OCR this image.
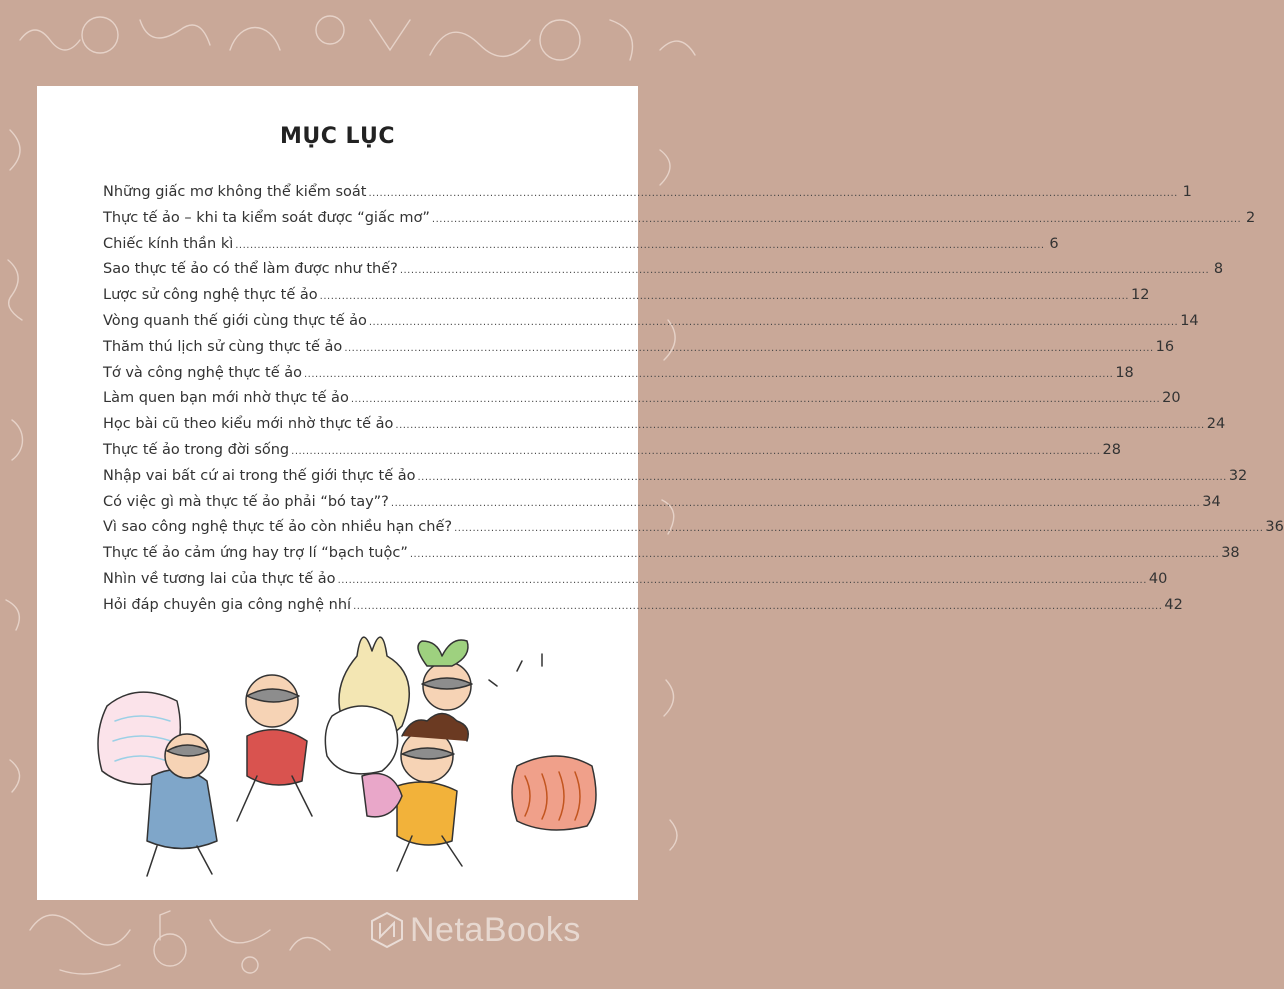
MỤC LỤC
Những giấc mơ không thể kiểm soát ............................................................................................................................................................................................................................ 1
Thực tế ảo – khi ta kiểm soát được “giấc mơ” ............................................................................................................................................................................................................................ 2
Chiếc kính thần kì ............................................................................................................................................................................................................................ 6
Sao thực tế ảo có thể làm được như thế? ............................................................................................................................................................................................................................ 8
Lược sử công nghệ thực tế ảo ............................................................................................................................................................................................................................ 12
Vòng quanh thế giới cùng thực tế ảo ............................................................................................................................................................................................................................ 14
Thăm thú lịch sử cùng thực tế ảo ............................................................................................................................................................................................................................ 16
Tớ và công nghệ thực tế ảo ............................................................................................................................................................................................................................ 18
Làm quen bạn mới nhờ thực tế ảo ............................................................................................................................................................................................................................ 20
Học bài cũ theo kiểu mới nhờ thực tế ảo ............................................................................................................................................................................................................................ 24
Thực tế ảo trong đời sống ............................................................................................................................................................................................................................ 28
Nhập vai bất cứ ai trong thế giới thực tế ảo ............................................................................................................................................................................................................................ 32
Có việc gì mà thực tế ảo phải “bó tay”? ............................................................................................................................................................................................................................ 34
Vì sao công nghệ thực tế ảo còn nhiều hạn chế? ............................................................................................................................................................................................................................ 36
Thực tế ảo cảm ứng hay trợ lí “bạch tuộc” ............................................................................................................................................................................................................................ 38
Nhìn về tương lai của thực tế ảo ............................................................................................................................................................................................................................ 40
Hỏi đáp chuyên gia công nghệ nhí ............................................................................................................................................................................................................................ 42
NetaBooks
